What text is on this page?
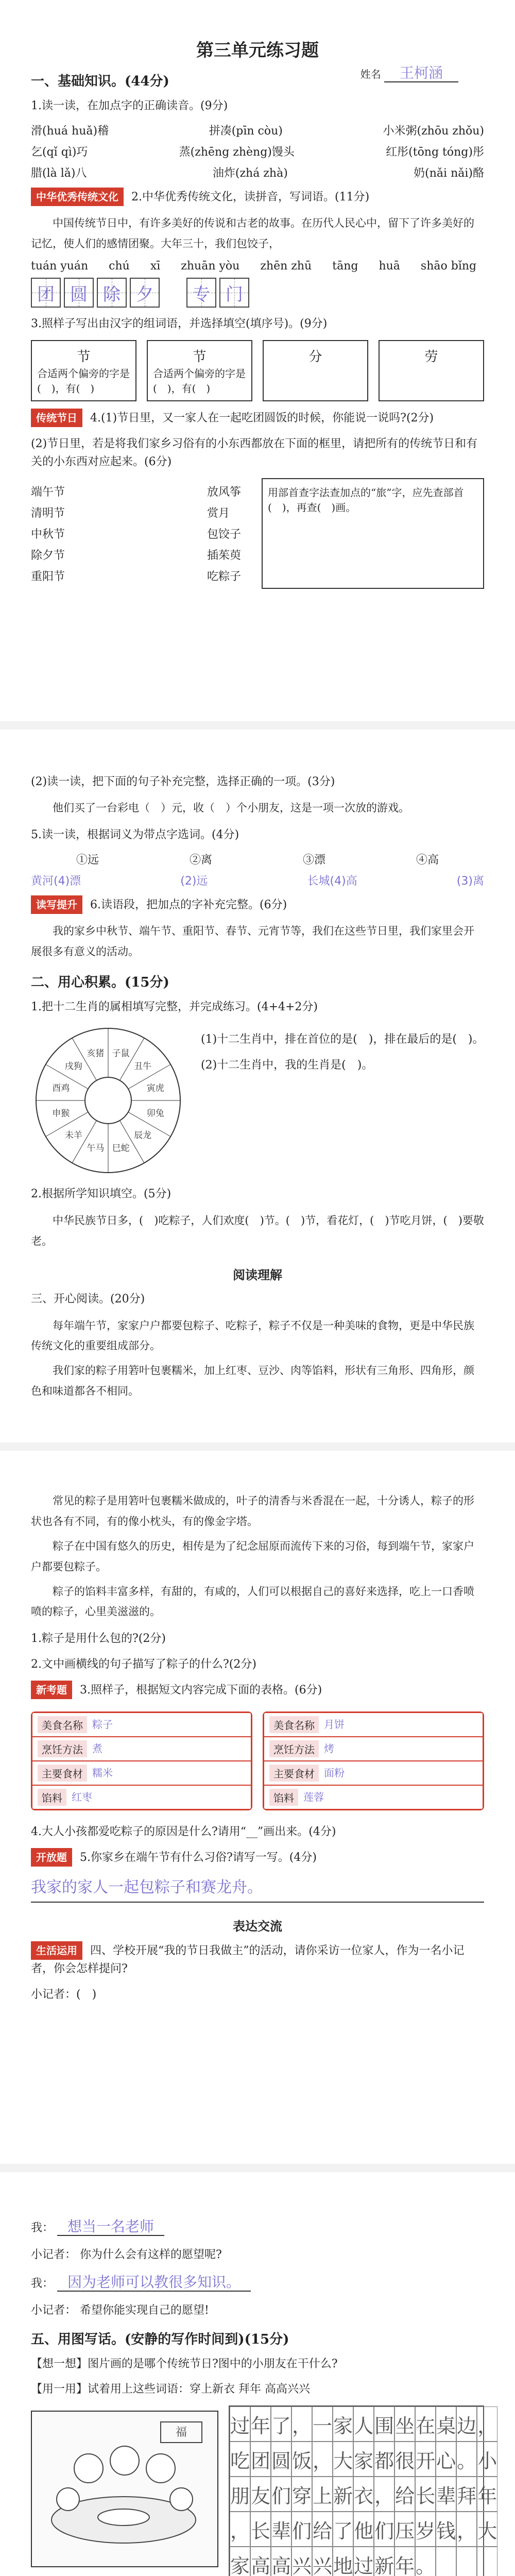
第三单元练习题
姓名 王柯涵
一、基础知识。(44分)
1.读一读，在加点字的正确读音。(9分)
滑(huá huǎ)稽	拼凑(pīn còu)	小米粥(zhōu zhǒu)
乞(qǐ qì)巧	蒸(zhēng zhèng)馒头	红彤(tōng tóng)彤
腊(là lǎ)八	油炸(zhá zhà)	奶(nǎi nǎi)酪
中华优秀传统文化 2.中华优秀传统文化，读拼音，写词语。(11分)
中国传统节日中，有许多美好的传说和古老的故事。在历代人民心中，留下了许多美好的记忆，使人们的感情团聚。大年三十，我们包饺子，
tuán yuán chú xī zhuān yòu zhēn zhū tāng huā shāo bǐng
团 圆 除 夕	专 门
3.照样子写出由汉字的组词语，并选择填空(填序号)。(9分)
节
合适两个偏旁的字是(　)，有(　)
节
合适两个偏旁的字是(　)，有(　)
分	劳
传统节日 4.(1)节日里，又一家人在一起吃团圆饭的时候，你能说一说吗?(2分)
(2)节日里，若是将我们家乡习俗有的小东西都放在下面的框里，请把所有的传统节日和有关的小东西对应起来。(6分)
端午节
清明节
中秋节
除夕节
重阳节
放风筝
赏月
包饺子
插茱萸
吃粽子
用部首查字法查加点的“旅”字，应先查部首(　)，再查(　)画。
(2)读一读，把下面的句子补充完整，选择正确的一项。(3分)
他们买了一台彩电（　）元，收（　）个小朋友，这是一项一次放的游戏。
5.读一读，根据词义为带点字选词。(4分)
①远	②离	③漂	④高
黄河(4)漂	(2)远	长城(4)高	(3)离
读写提升 6.读语段，把加点的字补充完整。(6分)
我的家乡中秋节、端午节、重阳节、春节、元宵节等，我们在这些节日里，我们家里会开展很多有意义的活动。
二、用心积累。(15分)
1.把十二生肖的属相填写完整，并完成练习。(4+4+2分)
子鼠
丑牛
寅虎
卯兔
辰龙
巳蛇
午马
未羊
申猴
酉鸡
戌狗
亥猪
(1)十二生肖中，排在首位的是(　)，排在最后的是(　)。
(2)十二生肖中，我的生肖是(　)。
2.根据所学知识填空。(5分)
中华民族节日多，(　)吃粽子，人们欢度(　)节。(　)节，看花灯，(　)节吃月饼，(　)要敬老。
阅读理解
三、开心阅读。(20分)
每年端午节，家家户户都要包粽子、吃粽子，粽子不仅是一种美味的食物，更是中华民族传统文化的重要组成部分。
我们家的粽子用箬叶包裹糯米，加上红枣、豆沙、肉等馅料，形状有三角形、四角形，颜色和味道都各不相同。
常见的粽子是用箬叶包裹糯米做成的，叶子的清香与米香混在一起，十分诱人，粽子的形状也各有不同，有的像小枕头，有的像金字塔。
粽子在中国有悠久的历史，相传是为了纪念屈原而流传下来的习俗，每到端午节，家家户户都要包粽子。
粽子的馅料丰富多样，有甜的，有咸的，人们可以根据自己的喜好来选择，吃上一口香喷喷的粽子，心里美滋滋的。
1.粽子是用什么包的?(2分)
2.文中画横线的句子描写了粽子的什么?(2分)
新考题 3.照样子，根据短文内容完成下面的表格。(6分)
美食名称 粽子
烹饪方法 煮
主要食材 糯米
馅料 红枣
美食名称 月饼
烹饪方法 烤
主要食材 面粉
馅料 莲蓉
4.大人小孩都爱吃粽子的原因是什么?请用“__”画出来。(4分)
开放题 5.你家乡在端午节有什么习俗?请写一写。(4分)
我家的家人一起包粽子和赛龙舟。
表达交流
生活运用 四、学校开展“我的节日我做主”的活动，请你采访一位家人，作为一名小记者，你会怎样提问?
小记者：(　)
我： 想当一名老师
小记者： 你为什么会有这样的愿望呢?
我： 因为老师可以教很多知识。
小记者： 希望你能实现自己的愿望!
五、用图写话。(安静的写作时间到)(15分)
【想一想】图片画的是哪个传统节日?图中的小朋友在干什么?
【用一用】试着用上这些词语：穿上新衣 拜年 高高兴兴
福 过 年 了 ， 一 家 人 围 坐 在 桌 边 ，
吃 团 圆 饭 ， 大 家 都 很 开 心 。 小
朋 友 们 穿 上 新 衣 ， 给 长 辈 拜 年
， 长 辈 们 给 了 他 们 压 岁 钱 ， 大
家 高 高 兴 兴 地 过 新 年 。
